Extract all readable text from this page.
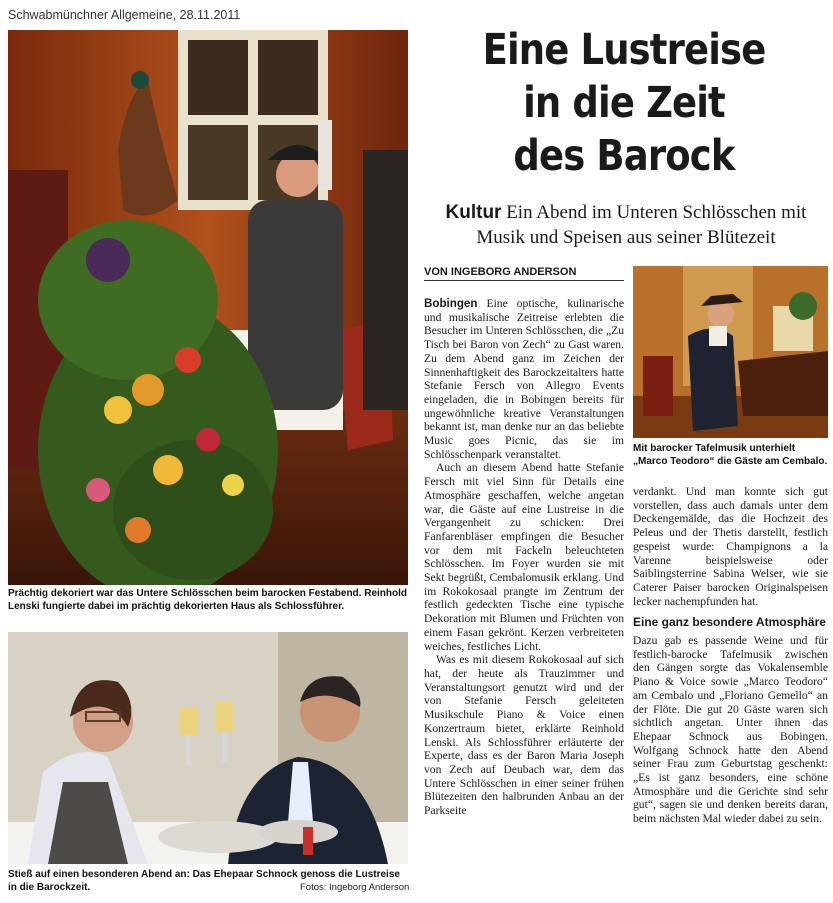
Schwabmünchner Allgemeine, 28.11.2011
Prächtig dekoriert war das Untere Schlösschen beim barocken Festabend. Reinhold Lenski fungierte dabei im prächtig dekorierten Haus als Schlossführer.
Stieß auf einen besonderen Abend an: Das Ehepaar Schnock genoss die Lustreise in die Barockzeit.	Fotos: Ingeborg Anderson
Eine Lustreise
in die Zeit
des Barock
Kultur Ein Abend im Unteren Schlösschen mit Musik und Speisen aus seiner Blütezeit
VON INGEBORG ANDERSON

Bobingen Eine optische, kulinarische und musikalische Zeitreise erlebten die Besucher im Unteren Schlösschen, die „Zu Tisch bei Baron von Zech“ zu Gast waren. Zu dem Abend ganz im Zeichen der Sinnenhaftigkeit des Barockzeitalters hatte Stefanie Fersch von Allegro Events eingeladen, die in Bobingen bereits für ungewöhnliche kreative Veranstaltungen bekannt ist, man denke nur an das beliebte Music goes Picnic, das sie im Schlösschenpark veranstaltet.

Auch an diesem Abend hatte Stefanie Fersch mit viel Sinn für Details eine Atmosphäre geschaffen, welche angetan war, die Gäste auf eine Lustreise in die Vergangenheit zu schicken: Drei Fanfarenbläser empfingen die Besucher vor dem mit Fackeln beleuchteten Schlösschen. Im Foyer wurden sie mit Sekt begrüßt, Cembalomusik erklang. Und im Rokokosaal prangte im Zentrum der festlich gedeckten Tische eine typische Dekoration mit Blumen und Früchten von einem Fasan gekrönt. Kerzen verbreiteten weiches, festliches Licht.

Was es mit diesem Rokokosaal auf sich hat, der heute als Trauzimmer und Veranstaltungsort genutzt wird und der von Stefanie Fersch geleiteten Musikschule Piano & Voice einen Konzertraum bietet, erklärte Reinhold Lenski. Als Schlossführer erläuterte der Experte, dass es der Baron Maria Joseph von Zech auf Deubach war, dem das Untere Schlösschen in einer seiner frühen Blütezeiten den halbrunden Anbau an der Parkseite

Mit barocker Tafelmusik unterhielt „Marco Teodoro“ die Gäste am Cembalo.

verdankt. Und man konnte sich gut vorstellen, dass auch damals unter dem Deckengemälde, das die Hochzeit des Peleus und der Thetis darstellt, festlich gespeist wurde: Champignons a la Varenne beispielsweise oder Saiblingsterrine Sabina Welser, wie sie Caterer Paiser barocken Originalspeisen lecker nachempfunden hat.

Eine ganz besondere Atmosphäre

Dazu gab es passende Weine und für festlich-barocke Tafelmusik zwischen den Gängen sorgte das Vokalensemble Piano & Voice sowie „Marco Teodoro“ am Cembalo und „Floriano Gemello“ an der Flöte. Die gut 20 Gäste waren sich sichtlich angetan. Unter ihnen das Ehepaar Schnock aus Bobingen. Wolfgang Schnock hatte den Abend seiner Frau zum Geburtstag geschenkt: „Es ist ganz besonders, eine schöne Atmosphäre und die Gerichte sind sehr gut“, sagen sie und denken bereits daran, beim nächsten Mal wieder dabei zu sein.
